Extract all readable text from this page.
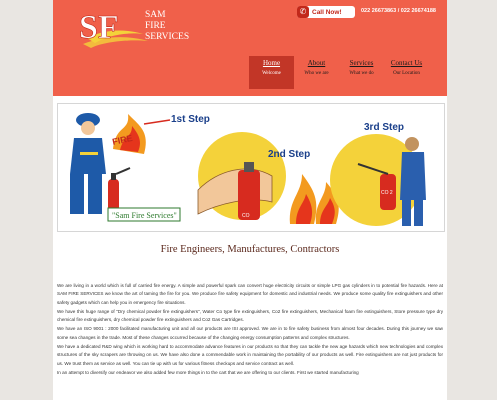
SF	SAM
FIRE
SERVICES
✆ Call Now!	022 26673863 / 022 26674188
Home
Welcome
About
Who we are
Services
What we do
Contact Us
Our Location
FIRE
1st Step
"Sam Fire Services"	CO
2nd Step
CO 2
3rd Step
Fire Engineers, Manufactures, Contractors

We are living in a world which is full of carried fire energy. A simple and powerful spark can convert huge electricity circuits or simple LPG gas cylinders in to potential fire hazards. Here at SAM FIRE SERVICES we know the art of taming the fire for you. We produce fire safety equipment for domestic and industrial needs. We produce some quality fire extinguishers and other safety gadgets which can help you in emergency fire situations.

We have this huge range of "Dry chemical powder fire extinguishers", Water Co type fire extinguishers, Co2 fire extinguishers, Mechanical foam fire extinguishers, Store pressure type dry chemical fire extinguishers, dry chemical powder fire extinguishers and Co2 Gas Cartridges.

We have an ISO 9001 : 2000 facilitated manufacturing unit and all our products are ISI approved. We are in to fire safety business from almost four decades. During this journey we saw some sea changes in the trade. Most of these changes occurred because of the changing energy consumption patterns and complex structures.

We have a dedicated R&D wing which is working hard to accommodate advance features in our products so that they can tackle the new age hazards which new technologies and complex structures of the sky scrapers are throwing on us. We have also done a commendable work in maintaining the portability of our products as well. Fire extinguishers are not just products for us. We trust them as service as well. You can tie up with us for various fitness checkups and service contract as well.

In an attempt to diversify our endeavor we also added few more things in to the cart that we are offering to our clients. First we started manufacturing
